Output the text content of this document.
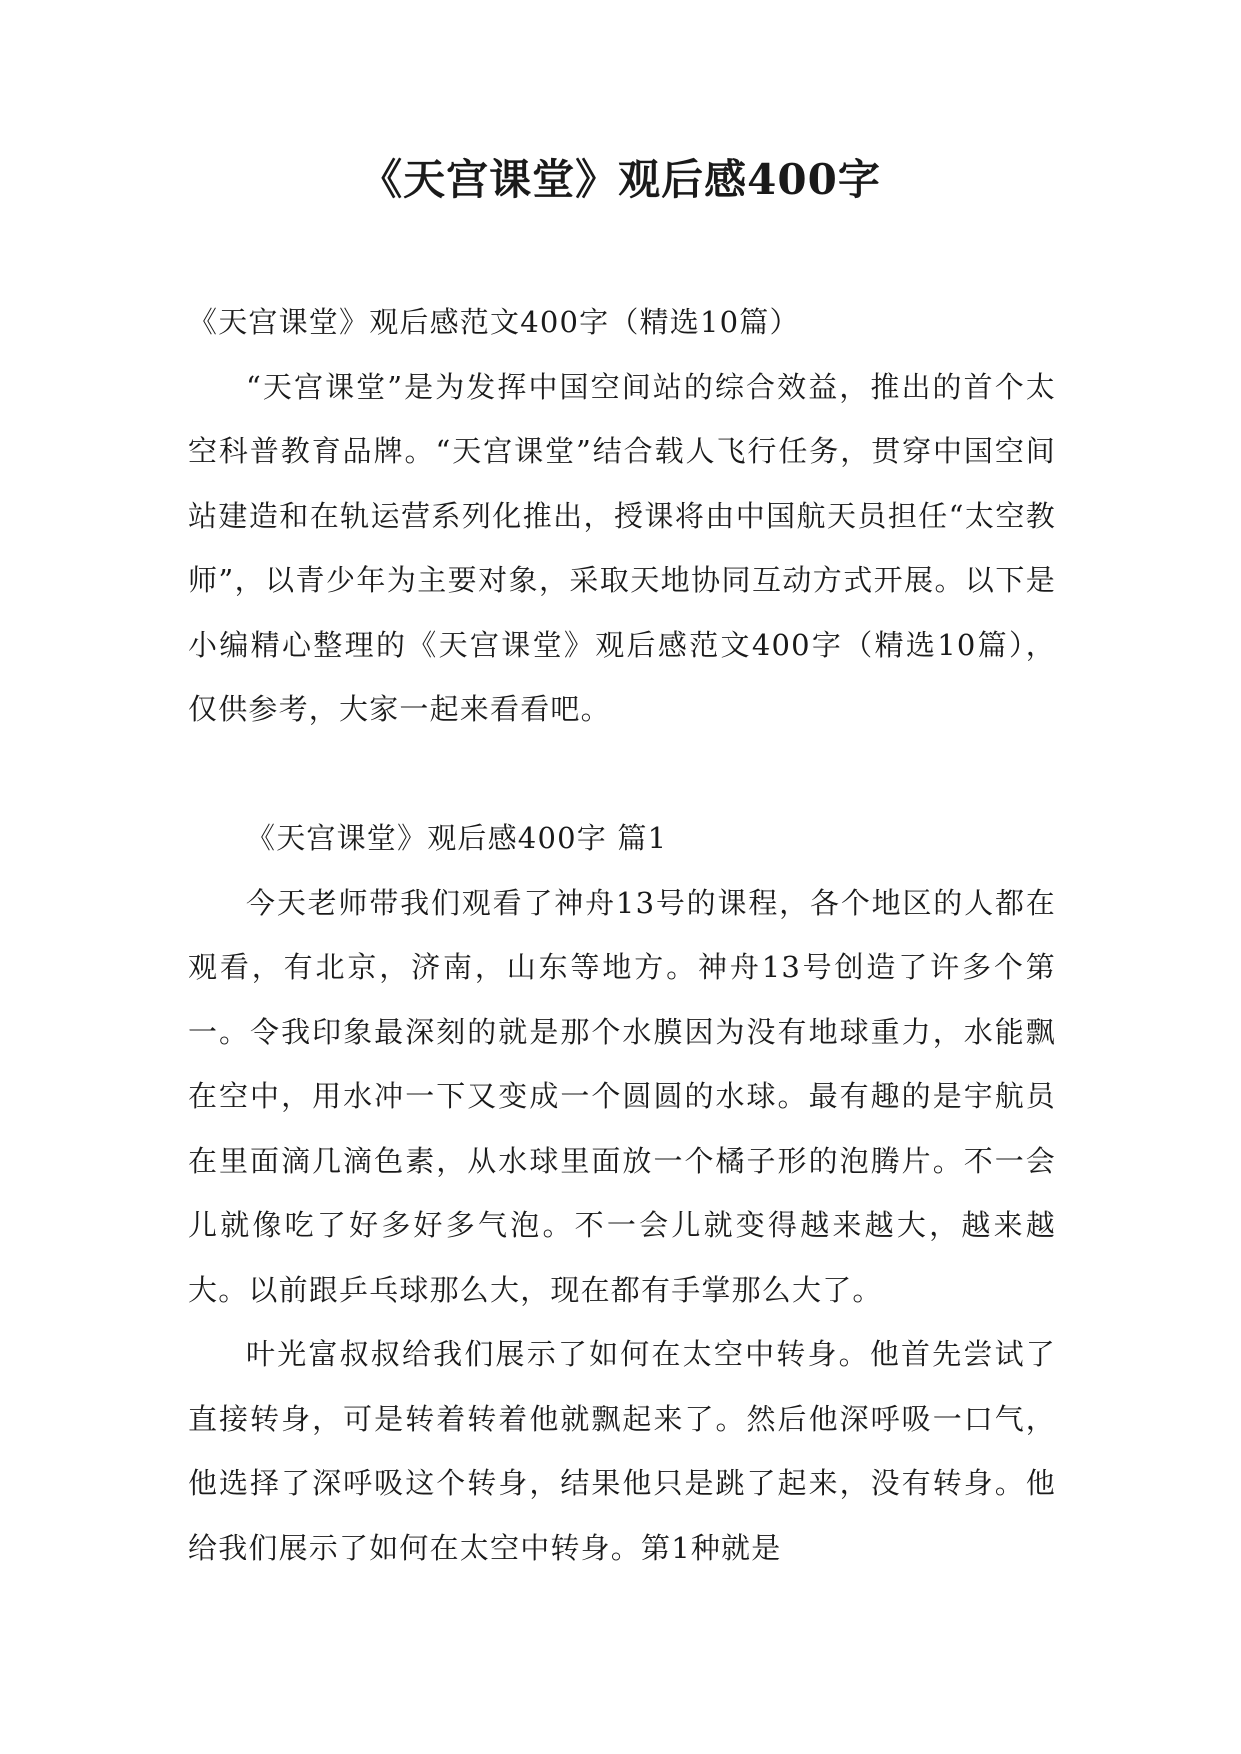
《天宫课堂》观后感400字

《天宫课堂》观后感范文400字（精选10篇）

“天宫课堂”是为发挥中国空间站的综合效益，推出的首个太空科普教育品牌。“天宫课堂”结合载人飞行任务，贯穿中国空间站建造和在轨运营系列化推出，授课将由中国航天员担任“太空教师”，以青少年为主要对象，采取天地协同互动方式开展。以下是小编精心整理的《天宫课堂》观后感范文400字（精选10篇），仅供参考，大家一起来看看吧。

《天宫课堂》观后感400字 篇1

今天老师带我们观看了神舟13号的课程，各个地区的人都在观看，有北京，济南，山东等地方。神舟13号创造了许多个第一。令我印象最深刻的就是那个水膜因为没有地球重力，水能飘在空中，用水冲一下又变成一个圆圆的水球。最有趣的是宇航员在里面滴几滴色素，从水球里面放一个橘子形的泡腾片。不一会儿就像吃了好多好多气泡。不一会儿就变得越来越大，越来越大。以前跟乒乓球那么大，现在都有手掌那么大了。

叶光富叔叔给我们展示了如何在太空中转身。他首先尝试了直接转身，可是转着转着他就飘起来了。然后他深呼吸一口气，他选择了深呼吸这个转身，结果他只是跳了起来，没有转身。他给我们展示了如何在太空中转身。第1种就是
